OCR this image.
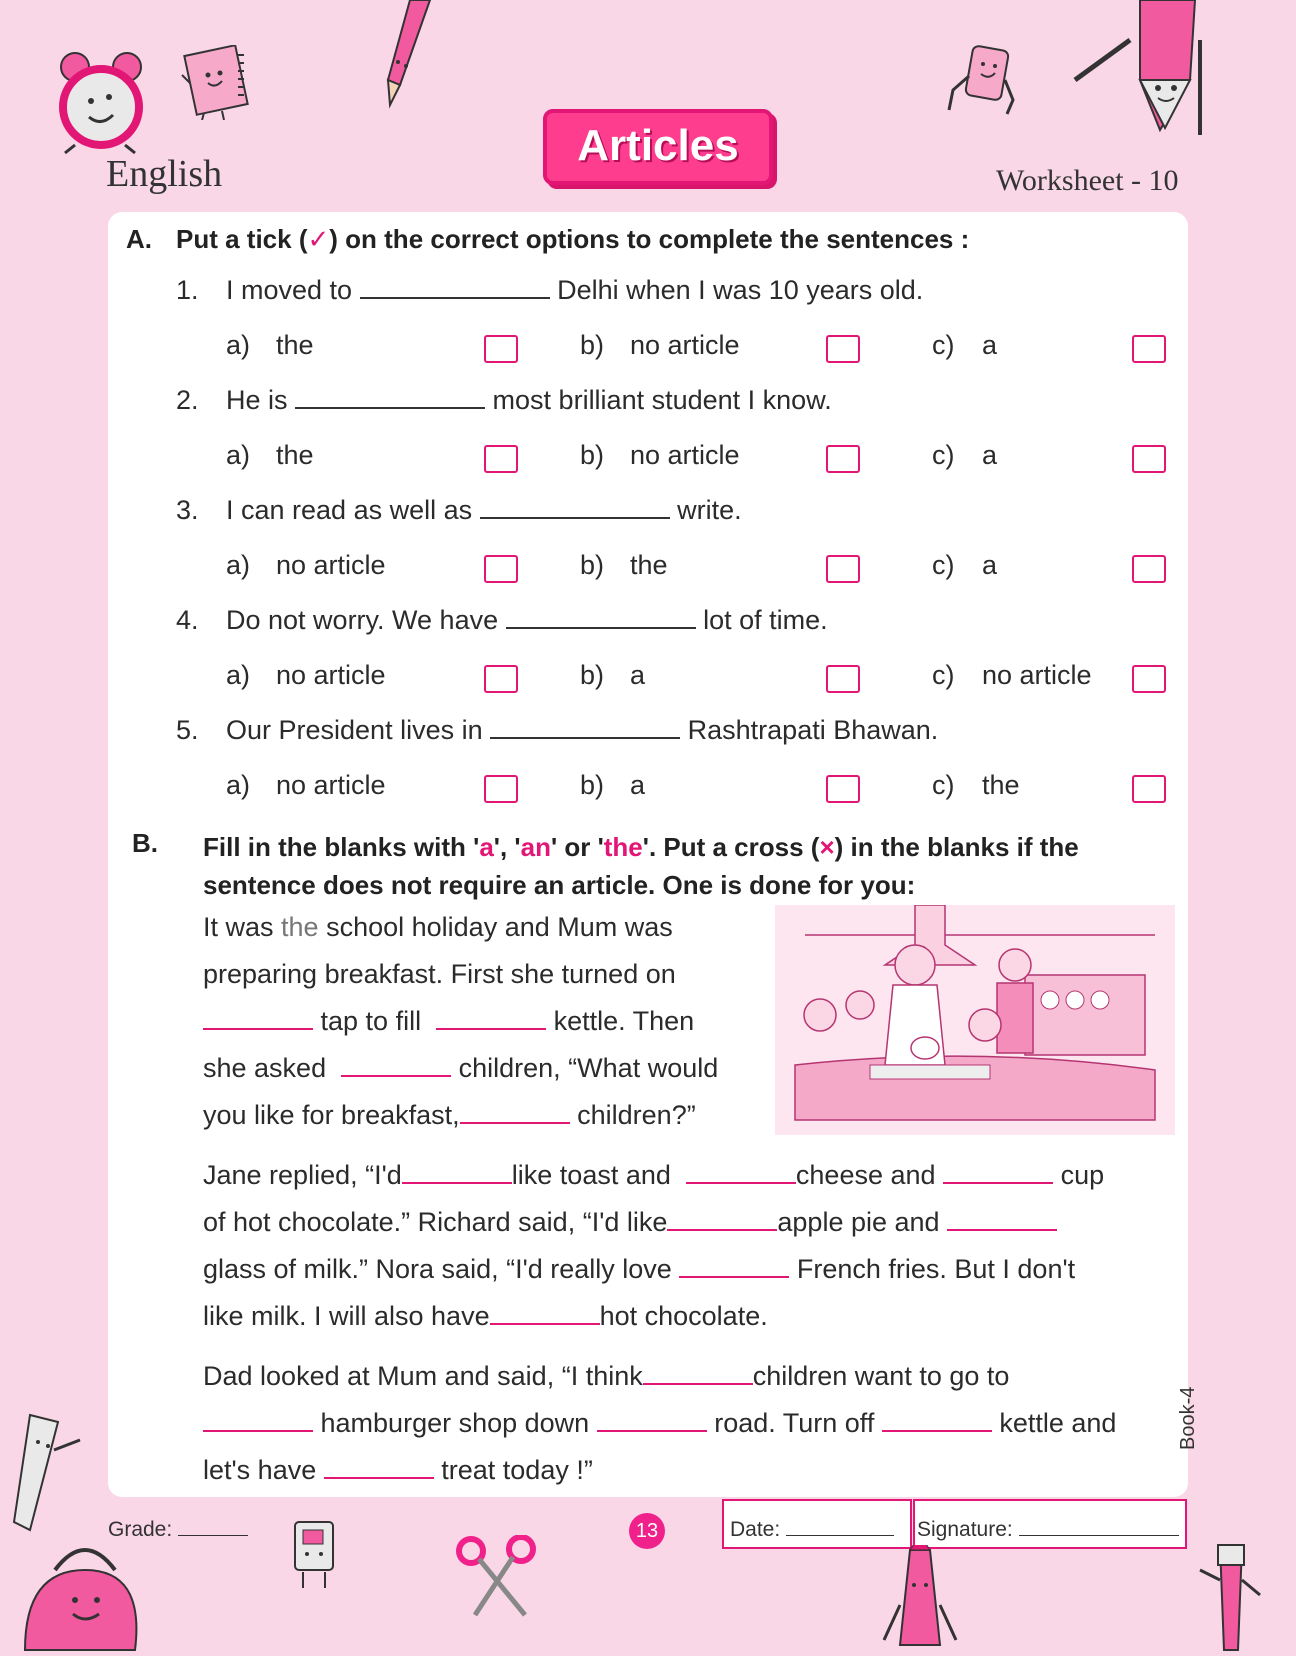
English
Articles
Worksheet - 10
A. Put a tick (✓) on the correct options to complete the sentences :
1. I moved to	Delhi when I was 10 years old.
a) the	b) no article	c) a
2. He is	most brilliant student I know.
a) the	b) no article	c) a
3. I can read as well as	write.
a) no article	b) the	c) a
4. Do not worry. We have	lot of time.
a) no article	b) a	c) no article
5. Our President lives in	Rashtrapati Bhawan.
a) no article	b) a	c) the
B. Fill in the blanks with 'a', 'an' or 'the'. Put a cross (×) in the blanks if the
sentence does not require an article. One is done for you:
It was the school holiday and Mum was
preparing breakfast. First she turned on
tap to fill	kettle. Then
she asked	children, “What would
you like for breakfast,	children?”
Jane replied, “I'd	like toast and	cheese and	cup
of hot chocolate.” Richard said, “I'd like	apple pie and
glass of milk.” Nora said, “I'd really love	French fries. But I don't
like milk. I will also have	hot chocolate.
Dad looked at Mum and said, “I think	children want to go to
hamburger shop down	road. Turn off	kettle and
let's have	treat today !”
Book-4
Grade:	13	Date:	Signature:
